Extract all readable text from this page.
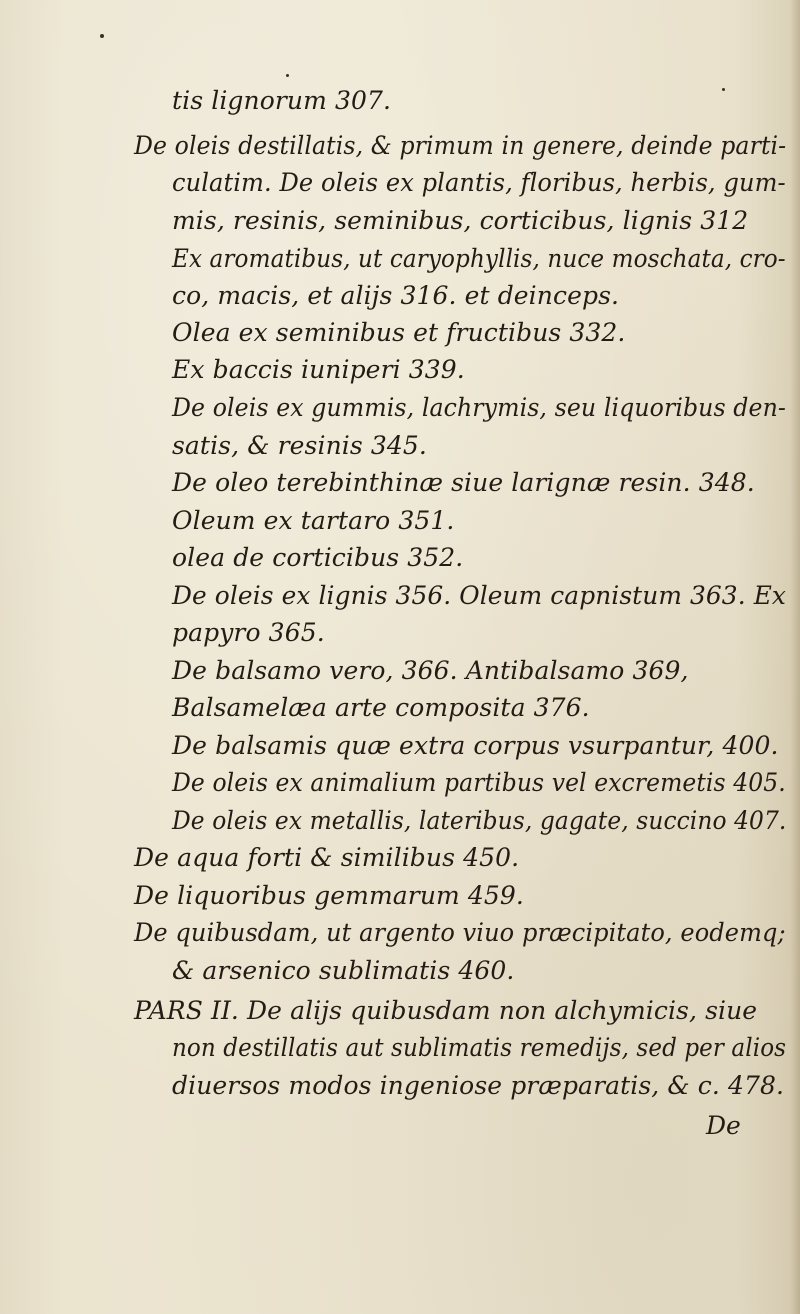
tis lignorum 307.
De oleis destillatis, & primum in genere, deinde parti-
culatim. De oleis ex plantis, floribus, herbis, gum-
mis, resinis, seminibus, corticibus, lignis 312
Ex aromatibus, ut caryophyllis, nuce moschata, cro-
co, macis, et alijs 316. et deinceps.
Olea ex seminibus et fructibus 332.
Ex baccis iuniperi 339.
De oleis ex gummis, lachrymis, seu liquoribus den-
satis, & resinis 345.
De oleo terebinthinæ siue larignæ resin. 348.
Oleum ex tartaro 351.
olea de corticibus 352.
De oleis ex lignis 356. Oleum capnistum 363. Ex
papyro 365.
De balsamo vero, 366. Antibalsamo 369,
Balsamelæa arte composita 376.
De balsamis quæ extra corpus vsurpantur, 400.
De oleis ex animalium partibus vel excremetis 405.
De oleis ex metallis, lateribus, gagate, succino 407.
De aqua forti & similibus 450.
De liquoribus gemmarum 459.
De quibusdam, ut argento viuo præcipitato, eodemq;
& arsenico sublimatis 460.
PARS II. De alijs quibusdam non alchymicis, siue
non destillatis aut sublimatis remedijs, sed per alios
diuersos modos ingeniose præparatis, & c. 478.
De
